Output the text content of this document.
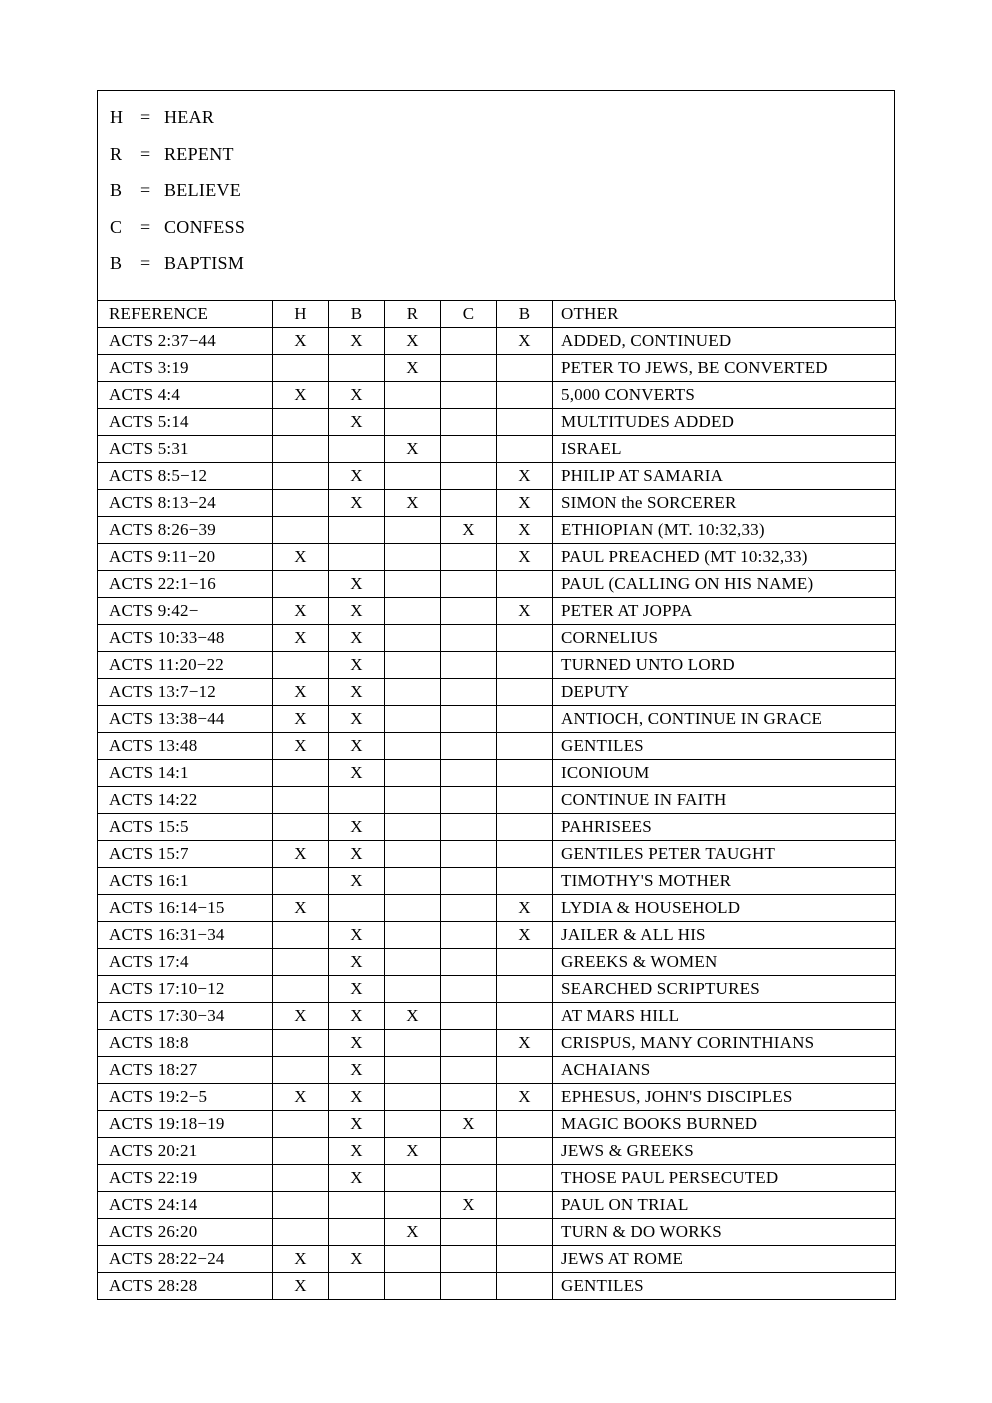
H = HEAR
R = REPENT
B = BELIEVE
C = CONFESS
B = BAPTISM
REFERENCE	H	B	R	C	B	OTHER
ACTS 2:37−44	X	X	X		X	ADDED, CONTINUED
ACTS 3:19			X			PETER TO JEWS, BE CONVERTED
ACTS 4:4	X	X				5,000 CONVERTS
ACTS 5:14		X				MULTITUDES ADDED
ACTS 5:31			X			ISRAEL
ACTS 8:5−12		X			X	PHILIP AT SAMARIA
ACTS 8:13−24		X	X		X	SIMON the SORCERER
ACTS 8:26−39				X	X	ETHIOPIAN (MT. 10:32,33)
ACTS 9:11−20	X				X	PAUL PREACHED (MT 10:32,33)
ACTS 22:1−16		X				PAUL (CALLING ON HIS NAME)
ACTS 9:42−	X	X			X	PETER AT JOPPA
ACTS 10:33−48	X	X				CORNELIUS
ACTS 11:20−22		X				TURNED UNTO LORD
ACTS 13:7−12	X	X				DEPUTY
ACTS 13:38−44	X	X				ANTIOCH, CONTINUE IN GRACE
ACTS 13:48	X	X				GENTILES
ACTS 14:1		X				ICONIOUM
ACTS 14:22						CONTINUE IN FAITH
ACTS 15:5		X				PAHRISEES
ACTS 15:7	X	X				GENTILES PETER TAUGHT
ACTS 16:1		X				TIMOTHY'S MOTHER
ACTS 16:14−15	X				X	LYDIA & HOUSEHOLD
ACTS 16:31−34		X			X	JAILER & ALL HIS
ACTS 17:4		X				GREEKS & WOMEN
ACTS 17:10−12		X				SEARCHED SCRIPTURES
ACTS 17:30−34	X	X	X			AT MARS HILL
ACTS 18:8		X			X	CRISPUS, MANY CORINTHIANS
ACTS 18:27		X				ACHAIANS
ACTS 19:2−5	X	X			X	EPHESUS, JOHN'S DISCIPLES
ACTS 19:18−19		X		X		MAGIC BOOKS BURNED
ACTS 20:21		X	X			JEWS & GREEKS
ACTS 22:19		X				THOSE PAUL PERSECUTED
ACTS 24:14				X		PAUL ON TRIAL
ACTS 26:20			X			TURN & DO WORKS
ACTS 28:22−24	X	X				JEWS AT ROME
ACTS 28:28	X					GENTILES
